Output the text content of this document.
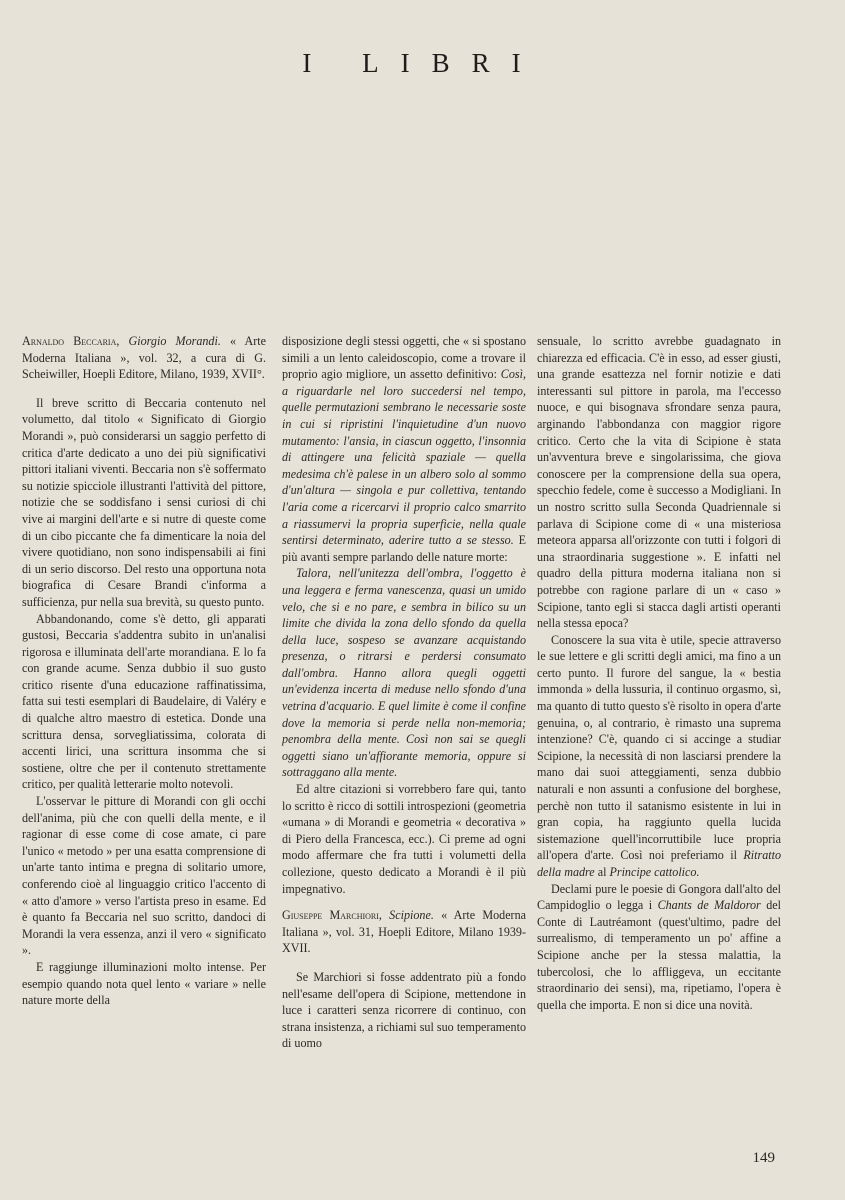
I LIBRI

Arnaldo Beccaria, Giorgio Morandi. « Arte Moderna Italiana », vol. 32, a cura di G. Scheiwiller, Hoepli Editore, Milano, 1939, XVII°.

Il breve scritto di Beccaria contenuto nel volumetto, dal titolo « Significato di Giorgio Morandi », può considerarsi un saggio perfetto di critica d'arte dedicato a uno dei più significativi pittori italiani viventi. Beccaria non s'è soffermato su notizie spicciole illustranti l'attività del pittore, notizie che se soddisfano i sensi curiosi di chi vive ai margini dell'arte e si nutre di queste come di un cibo piccante che fa dimenticare la noia del vivere quotidiano, non sono indispensabili ai fini di un serio discorso. Del resto una opportuna nota biografica di Cesare Brandi c'informa a sufficienza, pur nella sua brevità, su questo punto.

Abbandonando, come s'è detto, gli apparati gustosi, Beccaria s'addentra subito in un'analisi rigorosa e illuminata dell'arte morandiana. E lo fa con grande acume. Senza dubbio il suo gusto critico risente d'una educazione raffinatissima, fatta sui testi esemplari di Baudelaire, di Valéry e di qualche altro maestro di estetica. Donde una scrittura densa, sorvegliatissima, colorata di accenti lirici, una scrittura insomma che si sostiene, oltre che per il contenuto strettamente critico, per qualità letterarie molto notevoli.

L'osservar le pitture di Morandi con gli occhi dell'anima, più che con quelli della mente, e il ragionar di esse come di cose amate, ci pare l'unico « metodo » per una esatta comprensione di un'arte tanto intima e pregna di solitario umore, conferendo cioè al linguaggio critico l'accento di « atto d'amore » verso l'artista preso in esame. Ed è quanto fa Beccaria nel suo scritto, dandoci di Morandi la vera essenza, anzi il vero « significato ».

E raggiunge illuminazioni molto intense. Per esempio quando nota quel lento « variare » nelle nature morte della

disposizione degli stessi oggetti, che « si spostano simili a un lento caleidoscopio, come a trovare il proprio agio migliore, un assetto definitivo: Così, a riguardarle nel loro succedersi nel tempo, quelle permutazioni sembrano le necessarie soste in cui si ripristini l'inquietudine d'un nuovo mutamento: l'ansia, in ciascun oggetto, l'insonnia di attingere una felicità spaziale — quella medesima ch'è palese in un albero solo al sommo d'un'altura — singola e pur collettiva, tentando l'aria come a ricercarvi il proprio calco smarrito a riassumervi la propria superficie, nella quale sentirsi determinato, aderire tutto a se stesso. E più avanti sempre parlando delle nature morte:

Talora, nell'unitezza dell'ombra, l'oggetto è una leggera e ferma vanescenza, quasi un umido velo, che si e no pare, e sembra in bilico su un limite che divida la zona dello sfondo da quella della luce, sospeso se avanzare acquistando presenza, o ritrarsi e perdersi consumato dall'ombra. Hanno allora quegli oggetti un'evidenza incerta di meduse nello sfondo d'una vetrina d'acquario. E quel limite è come il confine dove la memoria si perde nella non-memoria; penombra della mente. Così non sai se quegli oggetti siano un'affiorante memoria, oppure si sottraggano alla mente.

Ed altre citazioni si vorrebbero fare qui, tanto lo scritto è ricco di sottili introspezioni (geometria «umana » di Morandi e geometria « decorativa » di Piero della Francesca, ecc.). Ci preme ad ogni modo affermare che fra tutti i volumetti della collezione, questo dedicato a Morandi è il più impegnativo.

Giuseppe Marchiori, Scipione. « Arte Moderna Italiana », vol. 31, Hoepli Editore, Milano 1939-XVII.

Se Marchiori si fosse addentrato più a fondo nell'esame dell'opera di Scipione, mettendone in luce i caratteri senza ricorrere di continuo, con strana insistenza, a richiami sul suo temperamento di uomo

sensuale, lo scritto avrebbe guadagnato in chiarezza ed efficacia. C'è in esso, ad esser giusti, una grande esattezza nel fornir notizie e dati interessanti sul pittore in parola, ma l'eccesso nuoce, e qui bisognava sfrondare senza paura, arginando l'abbondanza con maggior rigore critico. Certo che la vita di Scipione è stata un'avventura breve e singolarissima, che giova conoscere per la comprensione della sua opera, specchio fedele, come è successo a Modigliani. In un nostro scritto sulla Seconda Quadriennale si parlava di Scipione come di « una misteriosa meteora apparsa all'orizzonte con tutti i folgori di una straordinaria suggestione ». E infatti nel quadro della pittura moderna italiana non si potrebbe con ragione parlare di un « caso » Scipione, tanto egli si stacca dagli artisti operanti nella stessa epoca?

Conoscere la sua vita è utile, specie attraverso le sue lettere e gli scritti degli amici, ma fino a un certo punto. Il furore del sangue, la « bestia immonda » della lussuria, il continuo orgasmo, sì, ma quanto di tutto questo s'è risolto in opera d'arte genuina, o, al contrario, è rimasto una suprema intenzione? C'è, quando ci si accinge a studiar Scipione, la necessità di non lasciarsi prendere la mano dai suoi atteggiamenti, senza dubbio naturali e non assunti a confusione del borghese, perchè non tutto il satanismo esistente in lui in gran copia, ha raggiunto quella lucida sistemazione quell'incorruttibile luce propria all'opera d'arte. Così noi preferiamo il Ritratto della madre al Principe cattolico.

Declami pure le poesie di Gongora dall'alto del Campidoglio o legga i Chants de Maldoror del Conte di Lautréamont (quest'ultimo, padre del surrealismo, di temperamento un po' affine a Scipione anche per la stessa malattia, la tubercolosi, che lo affliggeva, un eccitante straordinario dei sensi), ma, ripetiamo, l'opera è quella che importa. E non si dice una novità.

149
